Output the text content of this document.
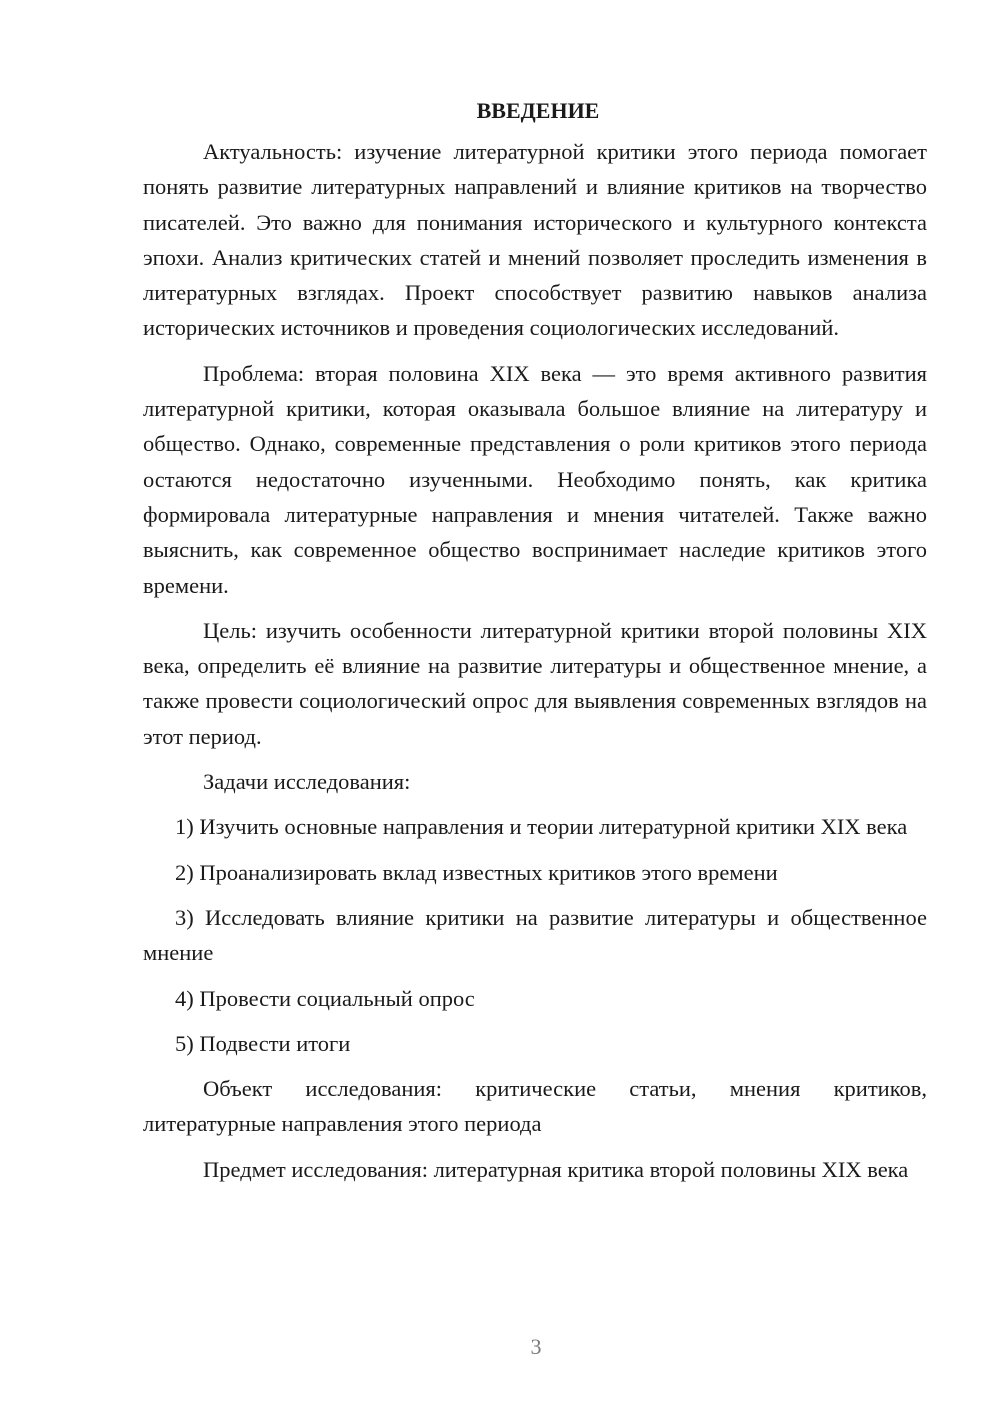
ВВЕДЕНИЕ

Актуальность: изучение литературной критики этого периода помогает понять развитие литературных направлений и влияние критиков на творчество писателей. Это важно для понимания исторического и культурного контекста эпохи. Анализ критических статей и мнений позволяет проследить изменения в литературных взглядах. Проект способствует развитию навыков анализа исторических источников и проведения социологических исследований.

Проблема: вторая половина XIX века — это время активного развития литературной критики, которая оказывала большое влияние на литературу и общество. Однако, современные представления о роли критиков этого периода остаются недостаточно изученными. Необходимо понять, как критика формировала литературные направления и мнения читателей. Также важно выяснить, как современное общество воспринимает наследие критиков этого времени.

Цель: изучить особенности литературной критики второй половины XIX века, определить её влияние на развитие литературы и общественное мнение, а также провести социологический опрос для выявления современных взглядов на этот период.

Задачи исследования:

1) Изучить основные направления и теории литературной критики XIX века

2) Проанализировать вклад известных критиков этого времени

3) Исследовать влияние критики на развитие литературы и общественное мнение

4) Провести социальный опрос

5) Подвести итоги

Объект исследования: критические статьи, мнения критиков, литературные направления этого периода

Предмет исследования: литературная критика второй половины XIX века

3
